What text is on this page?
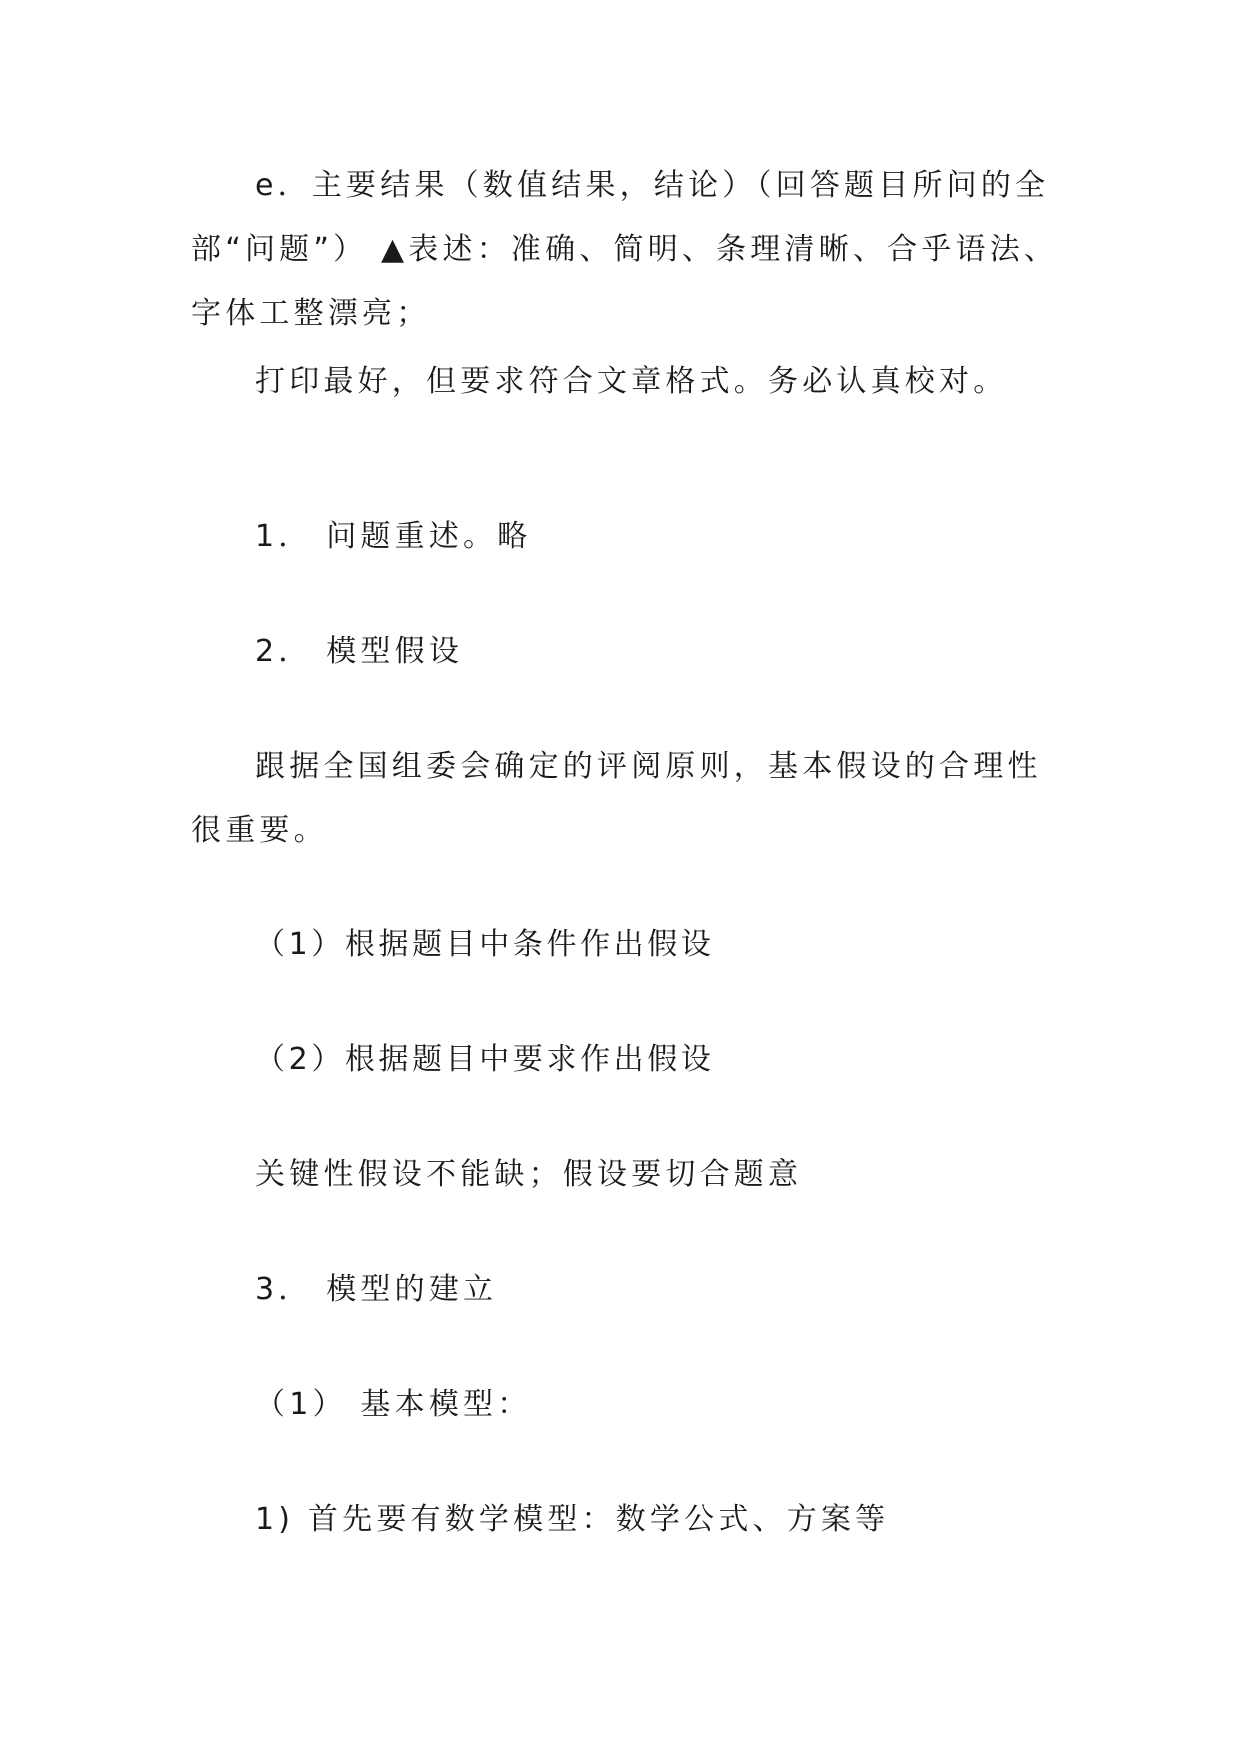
e．主要结果（数值结果，结论）（回答题目所问的全部“问题”） ▲表述：准确、简明、条理清晰、合乎语法、字体工整漂亮；

打印最好，但要求符合文章格式。务必认真校对。

1． 问题重述。略

2． 模型假设

跟据全国组委会确定的评阅原则，基本假设的合理性很重要。

（1）根据题目中条件作出假设

（2）根据题目中要求作出假设

关键性假设不能缺；假设要切合题意

3． 模型的建立

（1） 基本模型：

1) 首先要有数学模型：数学公式、方案等
